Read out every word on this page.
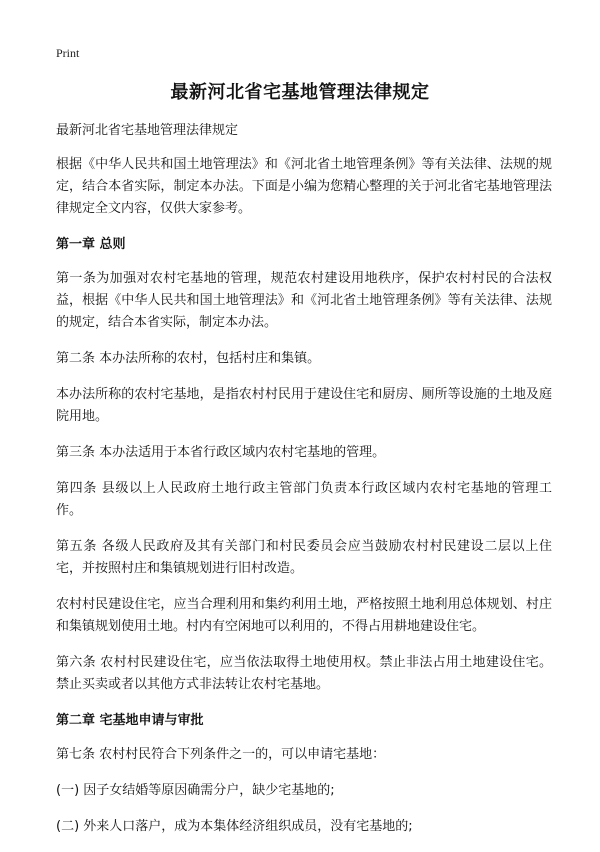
Print
最新河北省宅基地管理法律规定

最新河北省宅基地管理法律规定

根据《中华人民共和国土地管理法》和《河北省土地管理条例》等有关法律、法规的规定，结合本省实际，制定本办法。下面是小编为您精心整理的关于河北省宅基地管理法律规定全文内容，仅供大家参考。

第一章 总则

第一条为加强对农村宅基地的管理，规范农村建设用地秩序，保护农村村民的合法权益，根据《中华人民共和国土地管理法》和《河北省土地管理条例》等有关法律、法规的规定，结合本省实际，制定本办法。

第二条 本办法所称的农村，包括村庄和集镇。

本办法所称的农村宅基地，是指农村村民用于建设住宅和厨房、厕所等设施的土地及庭院用地。

第三条 本办法适用于本省行政区域内农村宅基地的管理。

第四条 县级以上人民政府土地行政主管部门负责本行政区域内农村宅基地的管理工作。

第五条 各级人民政府及其有关部门和村民委员会应当鼓励农村村民建设二层以上住宅，并按照村庄和集镇规划进行旧村改造。

农村村民建设住宅，应当合理利用和集约利用土地，严格按照土地利用总体规划、村庄和集镇规划使用土地。村内有空闲地可以利用的，不得占用耕地建设住宅。

第六条 农村村民建设住宅，应当依法取得土地使用权。禁止非法占用土地建设住宅。禁止买卖或者以其他方式非法转让农村宅基地。

第二章 宅基地申请与审批

第七条 农村村民符合下列条件之一的，可以申请宅基地：

(一) 因子女结婚等原因确需分户，缺少宅基地的;

(二) 外来人口落户，成为本集体经济组织成员，没有宅基地的;
